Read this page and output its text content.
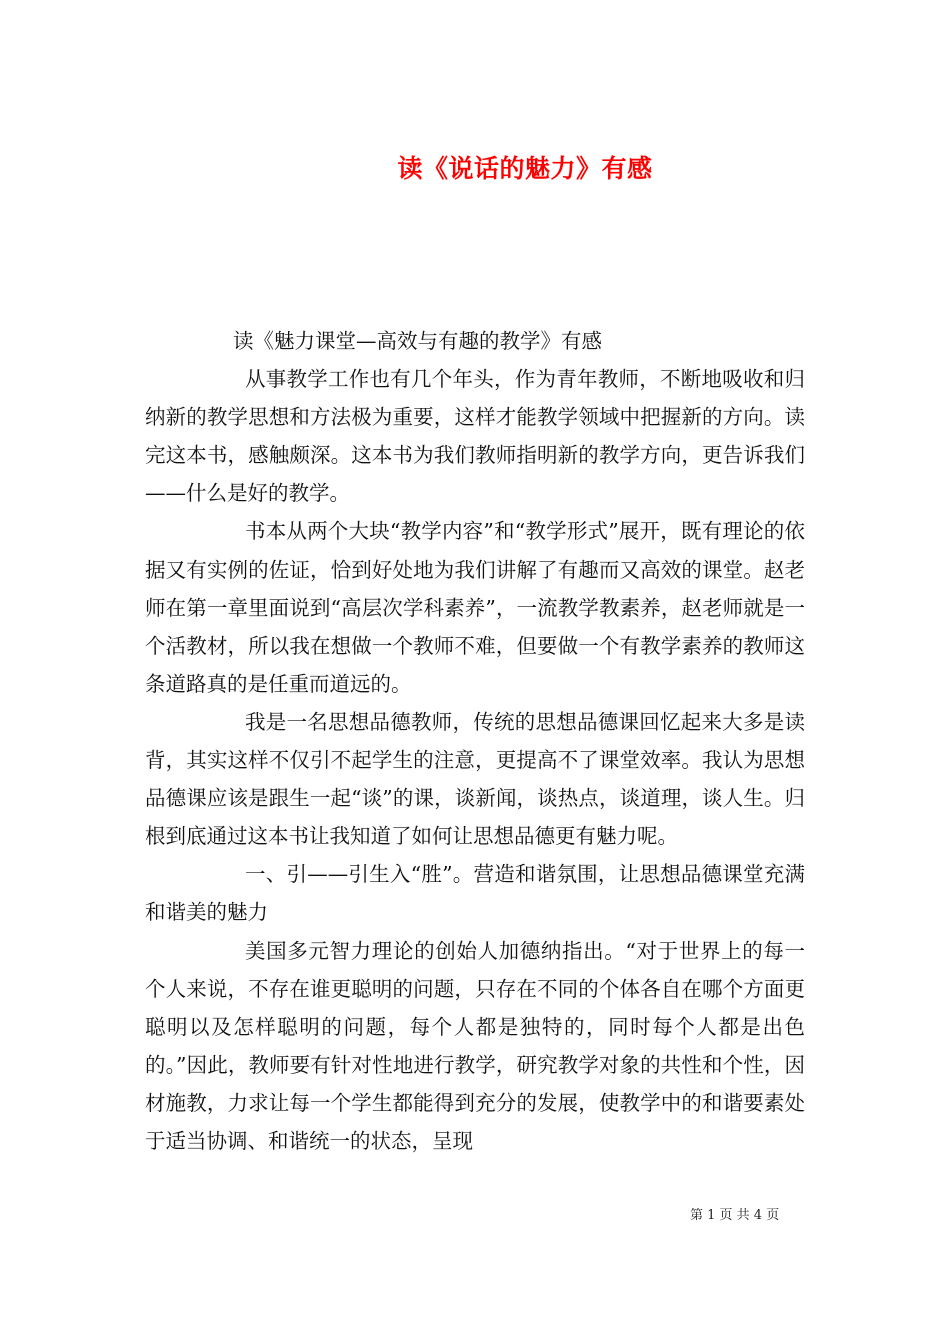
读《说话的魅力》有感

读《魅力课堂—高效与有趣的教学》有感

从事教学工作也有几个年头，作为青年教师，不断地吸收和归纳新的教学思想和方法极为重要，这样才能教学领域中把握新的方向。读完这本书，感触颇深。这本书为我们教师指明新的教学方向，更告诉我们——什么是好的教学。

书本从两个大块“教学内容”和“教学形式”展开，既有理论的依据又有实例的佐证，恰到好处地为我们讲解了有趣而又高效的课堂。赵老师在第一章里面说到“高层次学科素养”，一流教学教素养，赵老师就是一个活教材，所以我在想做一个教师不难，但要做一个有教学素养的教师这条道路真的是任重而道远的。

我是一名思想品德教师，传统的思想品德课回忆起来大多是读背，其实这样不仅引不起学生的注意，更提高不了课堂效率。我认为思想品德课应该是跟生一起“谈”的课，谈新闻，谈热点，谈道理，谈人生。归根到底通过这本书让我知道了如何让思想品德更有魅力呢。

一、引——引生入“胜”。营造和谐氛围，让思想品德课堂充满和谐美的魅力

美国多元智力理论的创始人加德纳指出。“对于世界上的每一个人来说，不存在谁更聪明的问题，只存在不同的个体各自在哪个方面更聪明以及怎样聪明的问题，每个人都是独特的，同时每个人都是出色的。”因此，教师要有针对性地进行教学，研究教学对象的共性和个性，因材施教，力求让每一个学生都能得到充分的发展，使教学中的和谐要素处于适当协调、和谐统一的状态，呈现

第 1 页 共 4 页
